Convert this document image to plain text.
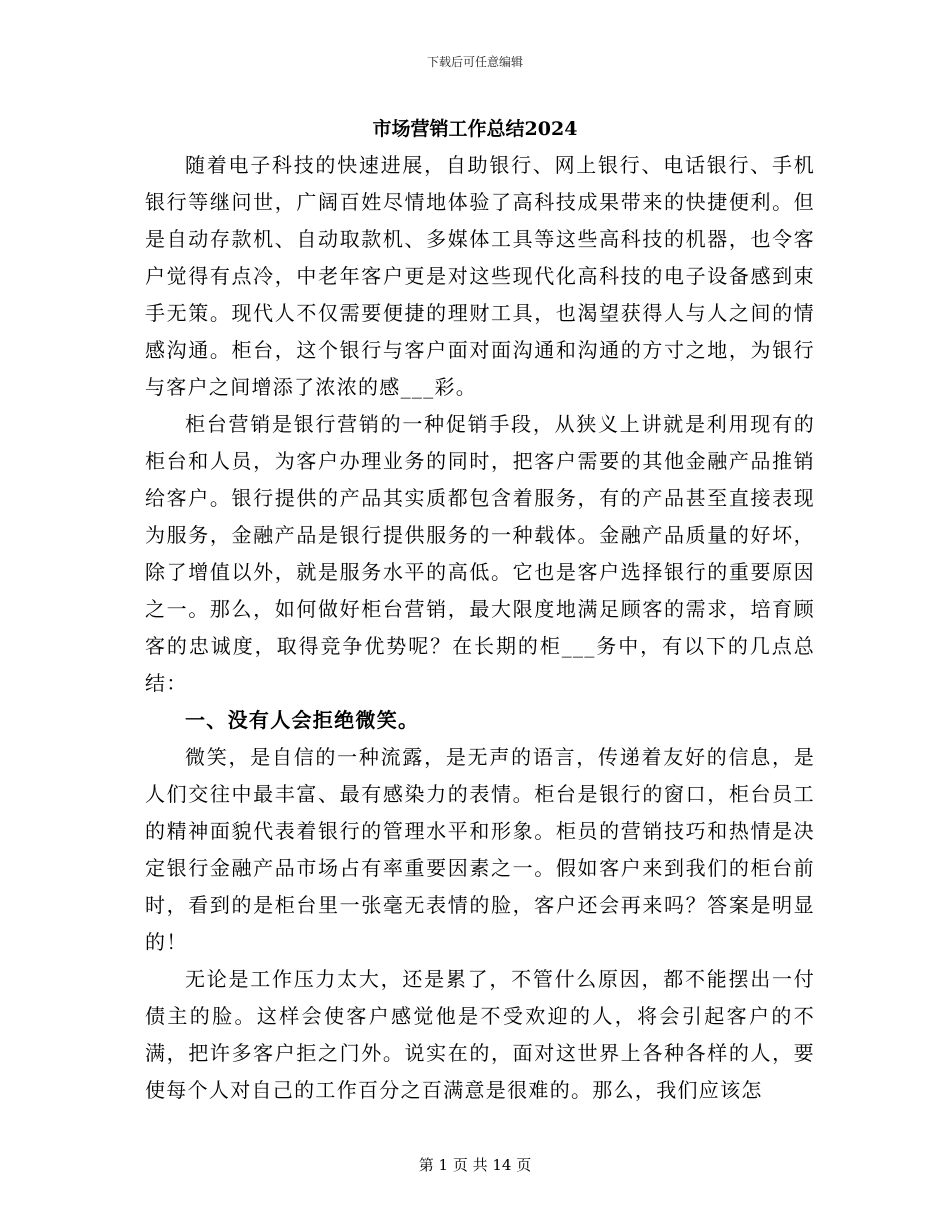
下载后可任意编辑
市场营销工作总结2024

随着电子科技的快速进展，自助银行、网上银行、电话银行、手机银行等继问世，广阔百姓尽情地体验了高科技成果带来的快捷便利。但是自动存款机、自动取款机、多媒体工具等这些高科技的机器，也令客户觉得有点冷，中老年客户更是对这些现代化高科技的电子设备感到束手无策。现代人不仅需要便捷的理财工具，也渴望获得人与人之间的情感沟通。柜台，这个银行与客户面对面沟通和沟通的方寸之地，为银行与客户之间增添了浓浓的感___彩。

柜台营销是银行营销的一种促销手段，从狭义上讲就是利用现有的柜台和人员，为客户办理业务的同时，把客户需要的其他金融产品推销给客户。银行提供的产品其实质都包含着服务，有的产品甚至直接表现为服务，金融产品是银行提供服务的一种载体。金融产品质量的好坏，除了增值以外，就是服务水平的高低。它也是客户选择银行的重要原因之一。那么，如何做好柜台营销，最大限度地满足顾客的需求，培育顾客的忠诚度，取得竞争优势呢？在长期的柜___务中，有以下的几点总结：

一、没有人会拒绝微笑。

微笑，是自信的一种流露，是无声的语言，传递着友好的信息，是人们交往中最丰富、最有感染力的表情。柜台是银行的窗口，柜台员工的精神面貌代表着银行的管理水平和形象。柜员的营销技巧和热情是决定银行金融产品市场占有率重要因素之一。假如客户来到我们的柜台前时，看到的是柜台里一张毫无表情的脸，客户还会再来吗？答案是明显的！

无论是工作压力太大，还是累了，不管什么原因，都不能摆出一付债主的脸。这样会使客户感觉他是不受欢迎的人，将会引起客户的不满，把许多客户拒之门外。说实在的，面对这世界上各种各样的人，要使每个人对自己的工作百分之百满意是很难的。那么，我们应该怎

第 1 页 共 14 页
